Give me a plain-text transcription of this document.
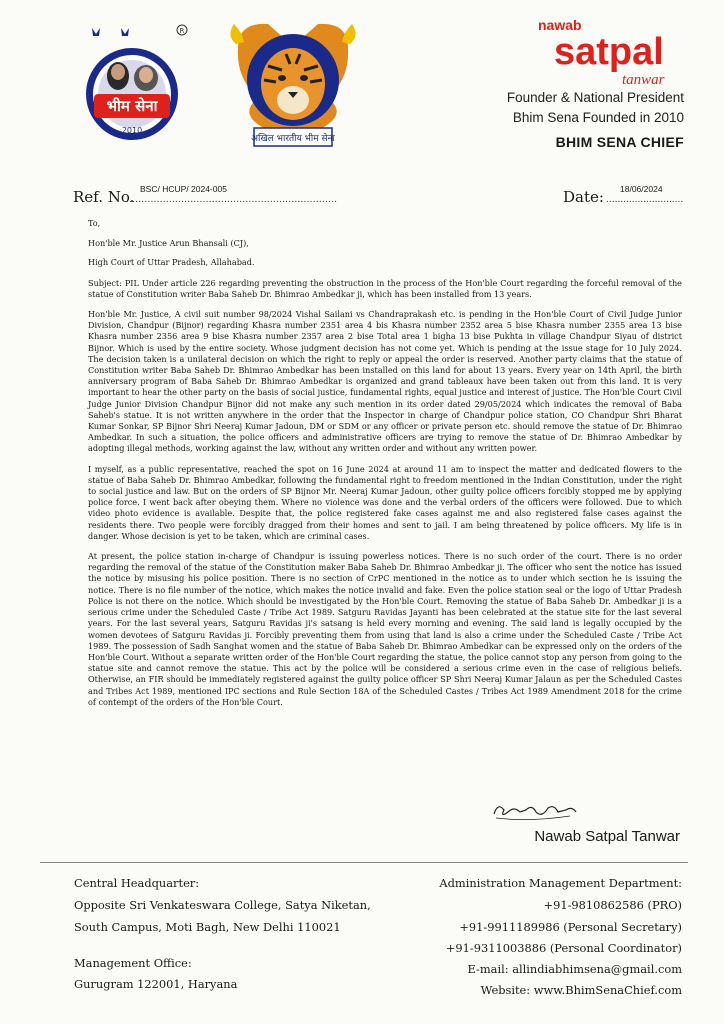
R
भीम सेना
2010
अखिल भारतीय भीम सेना
nawab
satpal
tanwar
Founder & National President
Bhim Sena Founded in 2010
BHIM SENA CHIEF
Ref. No. BSC/ HCUP/ 2024-005
.....................................................................	Date: 18/06/2024
...........................

To,

Hon'ble Mr. Justice Arun Bhansali (CJ),

High Court of Uttar Pradesh, Allahabad.

Subject: PIL Under article 226 regarding preventing the obstruction in the process of the Hon'ble Court regarding the forceful removal of the statue of Constitution writer Baba Saheb Dr. Bhimrao Ambedkar ji, which has been installed from 13 years.

Hon'ble Mr. Justice, A civil suit number 98/2024 Vishal Sailani vs Chandraprakash etc. is pending in the Hon'ble Court of Civil Judge Junior Division, Chandpur (Bijnor) regarding Khasra number 2351 area 4 bis Khasra number 2352 area 5 bise Khasra number 2355 area 13 bise Khasra number 2356 area 9 bise Khasra number 2357 area 2 bise Total area 1 bigha 13 bise Pukhta in village Chandpur Siyau of district Bijnor. Which is used by the entire society. Whose judgment decision has not come yet. Which is pending at the issue stage for 10 July 2024. The decision taken is a unilateral decision on which the right to reply or appeal the order is reserved. Another party claims that the statue of Constitution writer Baba Saheb Dr. Bhimrao Ambedkar has been installed on this land for about 13 years. Every year on 14th April, the birth anniversary program of Baba Saheb Dr. Bhimrao Ambedkar is organized and grand tableaux have been taken out from this land. It is very important to hear the other party on the basis of social justice, fundamental rights, equal justice and interest of justice. The Hon'ble Court Civil Judge Junior Division Chandpur Bijnor did not make any such mention in its order dated 29/05/2024 which indicates the removal of Baba Saheb's statue. It is not written anywhere in the order that the Inspector in charge of Chandpur police station, CO Chandpur Shri Bharat Kumar Sonkar, SP Bijnor Shri Neeraj Kumar Jadoun, DM or SDM or any officer or private person etc. should remove the statue of Dr. Bhimrao Ambedkar. In such a situation, the police officers and administrative officers are trying to remove the statue of Dr. Bhimrao Ambedkar by adopting illegal methods, working against the law, without any written order and without any written power.

I myself, as a public representative, reached the spot on 16 June 2024 at around 11 am to inspect the matter and dedicated flowers to the statue of Baba Saheb Dr. Bhimrao Ambedkar, following the fundamental right to freedom mentioned in the Indian Constitution, under the right to social justice and law. But on the orders of SP Bijnor Mr. Neeraj Kumar Jadoun, other guilty police officers forcibly stopped me by applying police force. I went back after obeying them. Where no violence was done and the verbal orders of the officers were followed. Due to which video photo evidence is available. Despite that, the police registered fake cases against me and also registered false cases against the residents there. Two people were forcibly dragged from their homes and sent to jail. I am being threatened by police officers. My life is in danger. Whose decision is yet to be taken, which are criminal cases.

At present, the police station in-charge of Chandpur is issuing powerless notices. There is no such order of the court. There is no order regarding the removal of the statue of the Constitution maker Baba Saheb Dr. Bhimrao Ambedkar ji. The officer who sent the notice has issued the notice by misusing his police position. There is no section of CrPC mentioned in the notice as to under which section he is issuing the notice. There is no file number of the notice, which makes the notice invalid and fake. Even the police station seal or the logo of Uttar Pradesh Police is not there on the notice. Which should be investigated by the Hon'ble Court. Removing the statue of Baba Saheb Dr. Ambedkar ji is a serious crime under the Scheduled Caste / Tribe Act 1989. Satguru Ravidas Jayanti has been celebrated at the statue site for the last several years. For the last several years, Satguru Ravidas ji's satsang is held every morning and evening. The said land is legally occupied by the women devotees of Satguru Ravidas ji. Forcibly preventing them from using that land is also a crime under the Scheduled Caste / Tribe Act 1989. The possession of Sadh Sanghat women and the statue of Baba Saheb Dr. Bhimrao Ambedkar can be expressed only on the orders of the Hon'ble Court. Without a separate written order of the Hon'ble Court regarding the statue, the police cannot stop any person from going to the statue site and cannot remove the statue. This act by the police will be considered a serious crime even in the case of religious beliefs. Otherwise, an FIR should be immediately registered against the guilty police officer SP Shri Neeraj Kumar Jalaun as per the Scheduled Castes and Tribes Act 1989, mentioned IPC sections and Rule Section 18A of the Scheduled Castes / Tribes Act 1989 Amendment 2018 for the crime of contempt of the orders of the Hon'ble Court.

Nawab Satpal Tanwar
Central Headquarter:
Opposite Sri Venkateswara College, Satya Niketan,
South Campus, Moti Bagh, New Delhi 110021
Management Office:
Gurugram 122001, Haryana
Administration Management Department:
+91-9810862586 (PRO)
+91-9911189986 (Personal Secretary)
+91-9311003886 (Personal Coordinator)
E-mail: allindiabhimsena@gmail.com
Website: www.BhimSenaChief.com
